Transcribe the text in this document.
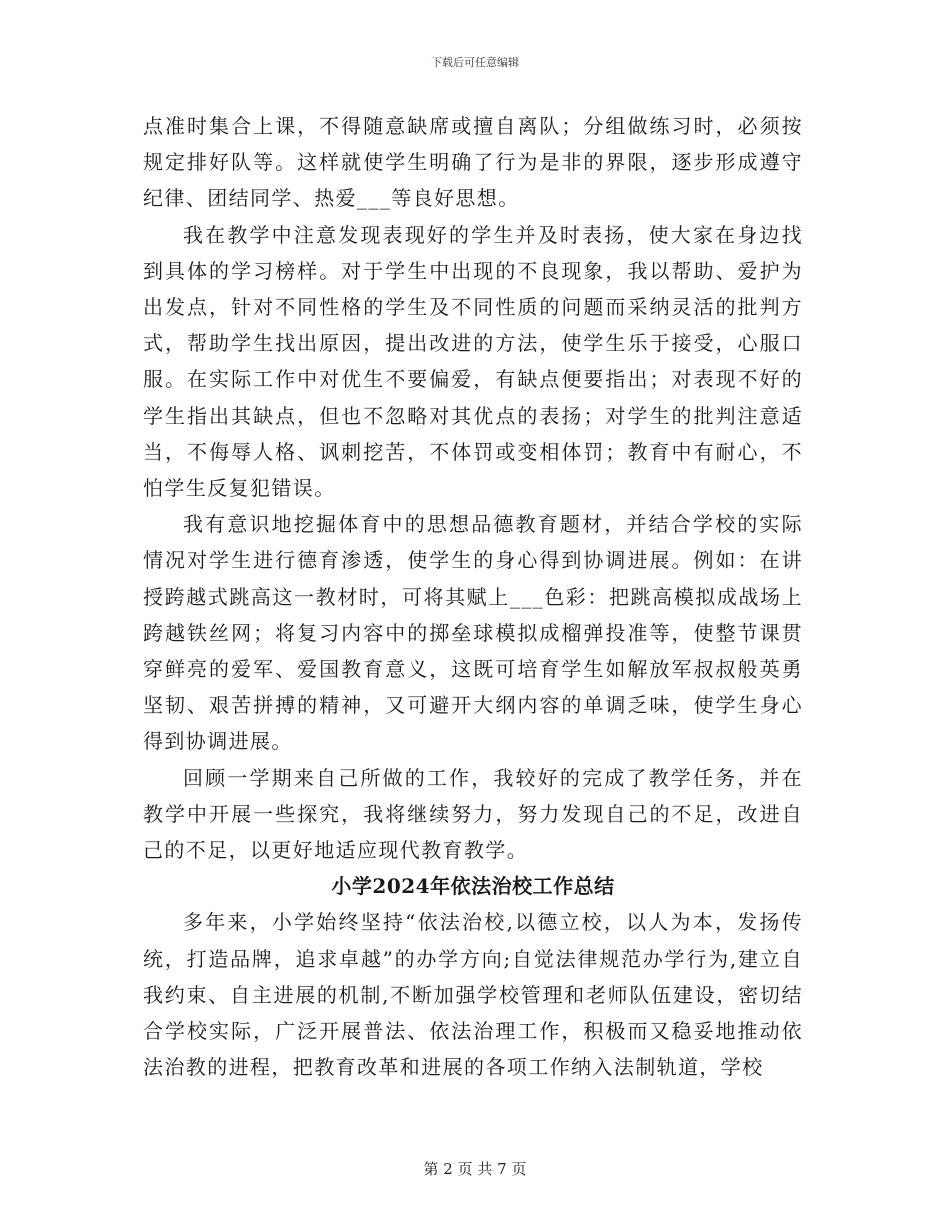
下载后可任意编辑

点准时集合上课，不得随意缺席或擅自离队；分组做练习时，必须按规定排好队等。这样就使学生明确了行为是非的界限，逐步形成遵守纪律、团结同学、热爱___等良好思想。

我在教学中注意发现表现好的学生并及时表扬，使大家在身边找到具体的学习榜样。对于学生中出现的不良现象，我以帮助、爱护为出发点，针对不同性格的学生及不同性质的问题而采纳灵活的批判方式，帮助学生找出原因，提出改进的方法，使学生乐于接受，心服口服。在实际工作中对优生不要偏爱，有缺点便要指出；对表现不好的学生指出其缺点，但也不忽略对其优点的表扬；对学生的批判注意适当，不侮辱人格、讽刺挖苦，不体罚或变相体罚；教育中有耐心，不怕学生反复犯错误。

我有意识地挖掘体育中的思想品德教育题材，并结合学校的实际情况对学生进行德育渗透，使学生的身心得到协调进展。例如：在讲授跨越式跳高这一教材时，可将其赋上___色彩：把跳高模拟成战场上跨越铁丝网；将复习内容中的掷垒球模拟成榴弹投准等，使整节课贯穿鲜亮的爱军、爱国教育意义，这既可培育学生如解放军叔叔般英勇坚韧、艰苦拼搏的精神，又可避开大纲内容的单调乏味，使学生身心得到协调进展。

回顾一学期来自己所做的工作，我较好的完成了教学任务，并在教学中开展一些探究，我将继续努力，努力发现自己的不足，改进自己的不足，以更好地适应现代教育教学。

小学2024年依法治校工作总结

多年来，小学始终坚持“依法治校,以德立校，以人为本，发扬传统，打造品牌，追求卓越”的办学方向;自觉法律规范办学行为,建立自我约束、自主进展的机制,不断加强学校管理和老师队伍建设，密切结合学校实际，广泛开展普法、依法治理工作，积极而又稳妥地推动依法治教的进程，把教育改革和进展的各项工作纳入法制轨道，学校

第 2 页 共 7 页
